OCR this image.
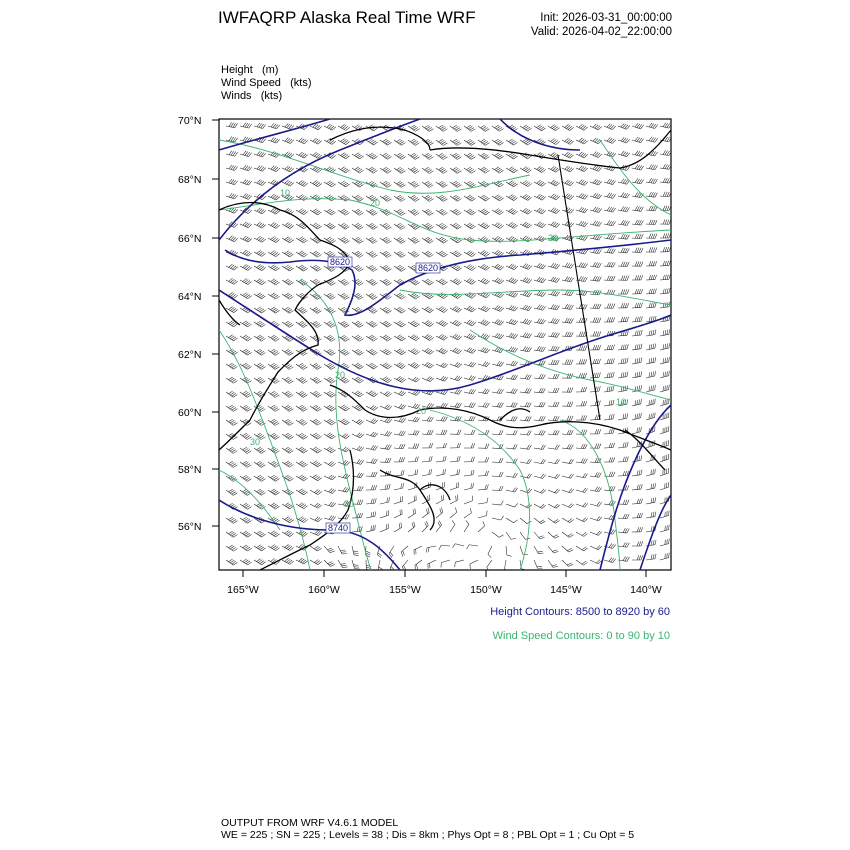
IWFAQRP Alaska Real Time WRF	Init: 2026-03-31_00:00:00
Valid: 2026-04-02_22:00:00
Height   (m)
Wind Speed   (kts)
Winds   (kts)
8620
8620
8740
10
20
20
20
20
10
30
30
70°N
68°N
66°N
64°N
62°N
60°N
58°N
56°N
165°W	160°W	155°W	150°W	145°W	140°W
Height Contours: 8500 to 8920 by 60
Wind Speed Contours: 0 to 90 by 10
OUTPUT FROM WRF V4.6.1 MODEL
WE = 225 ; SN = 225 ; Levels = 38 ; Dis = 8km ; Phys Opt = 8 ; PBL Opt = 1 ; Cu Opt = 5
